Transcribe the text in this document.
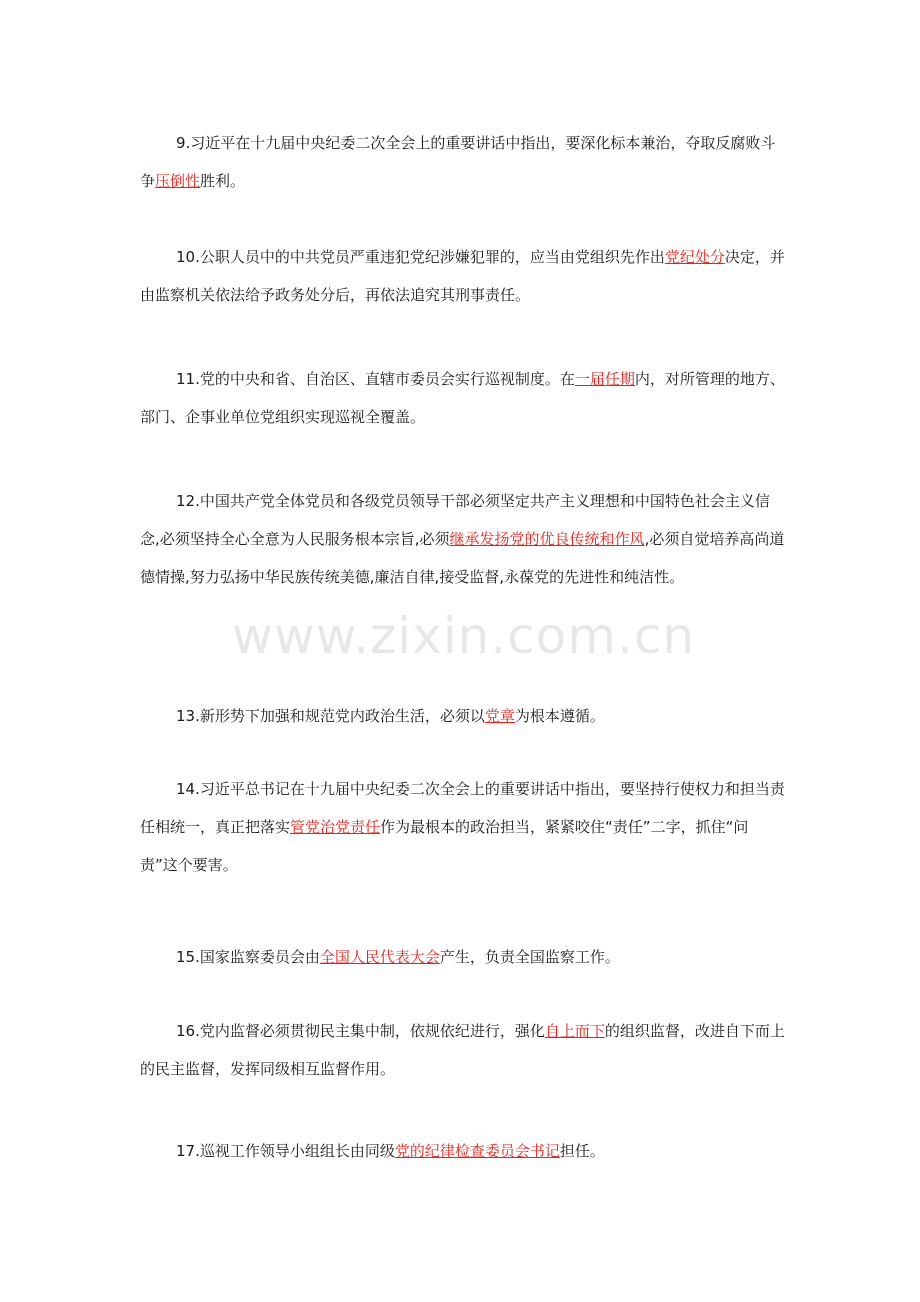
9.习近平在十九届中央纪委二次全会上的重要讲话中指出，要深化标本兼治，夺取反腐败斗争压倒性胜利。

10.公职人员中的中共党员严重违犯党纪涉嫌犯罪的，应当由党组织先作出党纪处分决定，并由监察机关依法给予政务处分后，再依法追究其刑事责任。

11.党的中央和省、自治区、直辖市委员会实行巡视制度。在一届任期内，对所管理的地方、部门、企事业单位党组织实现巡视全覆盖。

12.中国共产党全体党员和各级党员领导干部必须坚定共产主义理想和中国特色社会主义信念,必须坚持全心全意为人民服务根本宗旨,必须继承发扬党的优良传统和作风,必须自觉培养高尚道德情操,努力弘扬中华民族传统美德,廉洁自律,接受监督,永葆党的先进性和纯洁性。

13.新形势下加强和规范党内政治生活，必须以党章为根本遵循。

14.习近平总书记在十九届中央纪委二次全会上的重要讲话中指出，要坚持行使权力和担当责任相统一，真正把落实管党治党责任作为最根本的政治担当，紧紧咬住“责任”二字，抓住“问责”这个要害。

15.国家监察委员会由全国人民代表大会产生，负责全国监察工作。

16.党内监督必须贯彻民主集中制，依规依纪进行，强化自上而下的组织监督，改进自下而上的民主监督，发挥同级相互监督作用。

17.巡视工作领导小组组长由同级党的纪律检查委员会书记担任。

www.zixin.com.cn
